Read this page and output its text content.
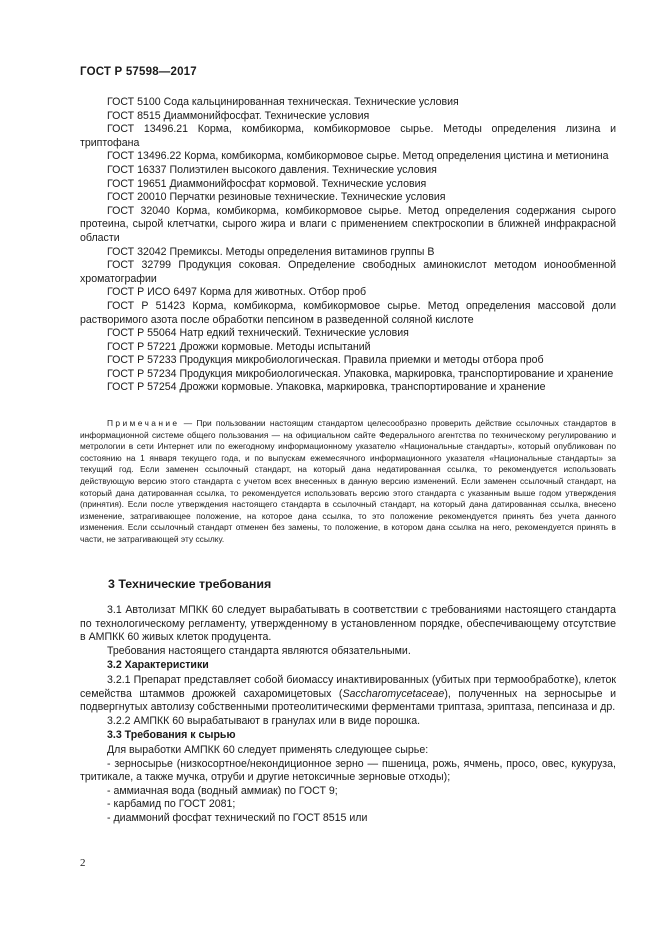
ГОСТ Р 57598—2017

ГОСТ 5100 Сода кальцинированная техническая. Технические условия

ГОСТ 8515 Диаммонийфосфат. Технические условия

ГОСТ 13496.21 Корма, комбикорма, комбикормовое сырье. Методы определения лизина и триптофана

ГОСТ 13496.22 Корма, комбикорма, комбикормовое сырье. Метод определения цистина и метионина

ГОСТ 16337 Полиэтилен высокого давления. Технические условия

ГОСТ 19651 Диаммонийфосфат кормовой. Технические условия

ГОСТ 20010 Перчатки резиновые технические. Технические условия

ГОСТ 32040 Корма, комбикорма, комбикормовое сырье. Метод определения содержания сырого протеина, сырой клетчатки, сырого жира и влаги с применением спектроскопии в ближней инфракрасной области

ГОСТ 32042 Премиксы. Методы определения витаминов группы В

ГОСТ 32799 Продукция соковая. Определение свободных аминокислот методом ионообменной хроматографии

ГОСТ Р ИСО 6497 Корма для животных. Отбор проб

ГОСТ Р 51423 Корма, комбикорма, комбикормовое сырье. Метод определения массовой доли растворимого азота после обработки пепсином в разведенной соляной кислоте

ГОСТ Р 55064 Натр едкий технический. Технические условия

ГОСТ Р 57221 Дрожжи кормовые. Методы испытаний

ГОСТ Р 57233 Продукция микробиологическая. Правила приемки и методы отбора проб

ГОСТ Р 57234 Продукция микробиологическая. Упаковка, маркировка, транспортирование и хранение

ГОСТ Р 57254 Дрожжи кормовые. Упаковка, маркировка, транспортирование и хранение

Примечание — При пользовании настоящим стандартом целесообразно проверить действие ссылочных стандартов в информационной системе общего пользования — на официальном сайте Федерального агентства по техническому регулированию и метрологии в сети Интернет или по ежегодному информационному указателю «Национальные стандарты», который опубликован по состоянию на 1 января текущего года, и по выпускам ежемесячного информационного указателя «Национальные стандарты» за текущий год. Если заменен ссылочный стандарт, на который дана недатированная ссылка, то рекомендуется использовать действующую версию этого стандарта с учетом всех внесенных в данную версию изменений. Если заменен ссылочный стандарт, на который дана датированная ссылка, то рекомендуется использовать версию этого стандарта с указанным выше годом утверждения (принятия). Если после утверждения настоящего стандарта в ссылочный стандарт, на который дана датированная ссылка, внесено изменение, затрагивающее положение, на которое дана ссылка, то это положение рекомендуется принять без учета данного изменения. Если ссылочный стандарт отменен без замены, то положение, в котором дана ссылка на него, рекомендуется принять в части, не затрагивающей эту ссылку.

3 Технические требования

3.1 Автолизат МПКК 60 следует вырабатывать в соответствии с требованиями настоящего стандарта по технологическому регламенту, утвержденному в установленном порядке, обеспечивающему отсутствие в АМПКК 60 живых клеток продуцента.

Требования настоящего стандарта являются обязательными.

3.2 Характеристики

3.2.1 Препарат представляет собой биомассу инактивированных (убитых при термообработке), клеток семейства штаммов дрожжей сахаромицетовых (Saccharomycetaceae), полученных на зерносырье и подвергнутых автолизу собственными протеолитическими ферментами триптаза, эриптаза, пепсиназа и др.

3.2.2 АМПКК 60 вырабатывают в гранулах или в виде порошка.

3.3 Требования к сырью

Для выработки АМПКК 60 следует применять следующее сырье:

- зерносырье (низкосортное/некондиционное зерно — пшеница, рожь, ячмень, просо, овес, кукуруза, тритикале, а также мучка, отруби и другие нетоксичные зерновые отходы);

- аммиачная вода (водный аммиак) по ГОСТ 9;

- карбамид по ГОСТ 2081;

- диаммоний фосфат технический по ГОСТ 8515 или

2
